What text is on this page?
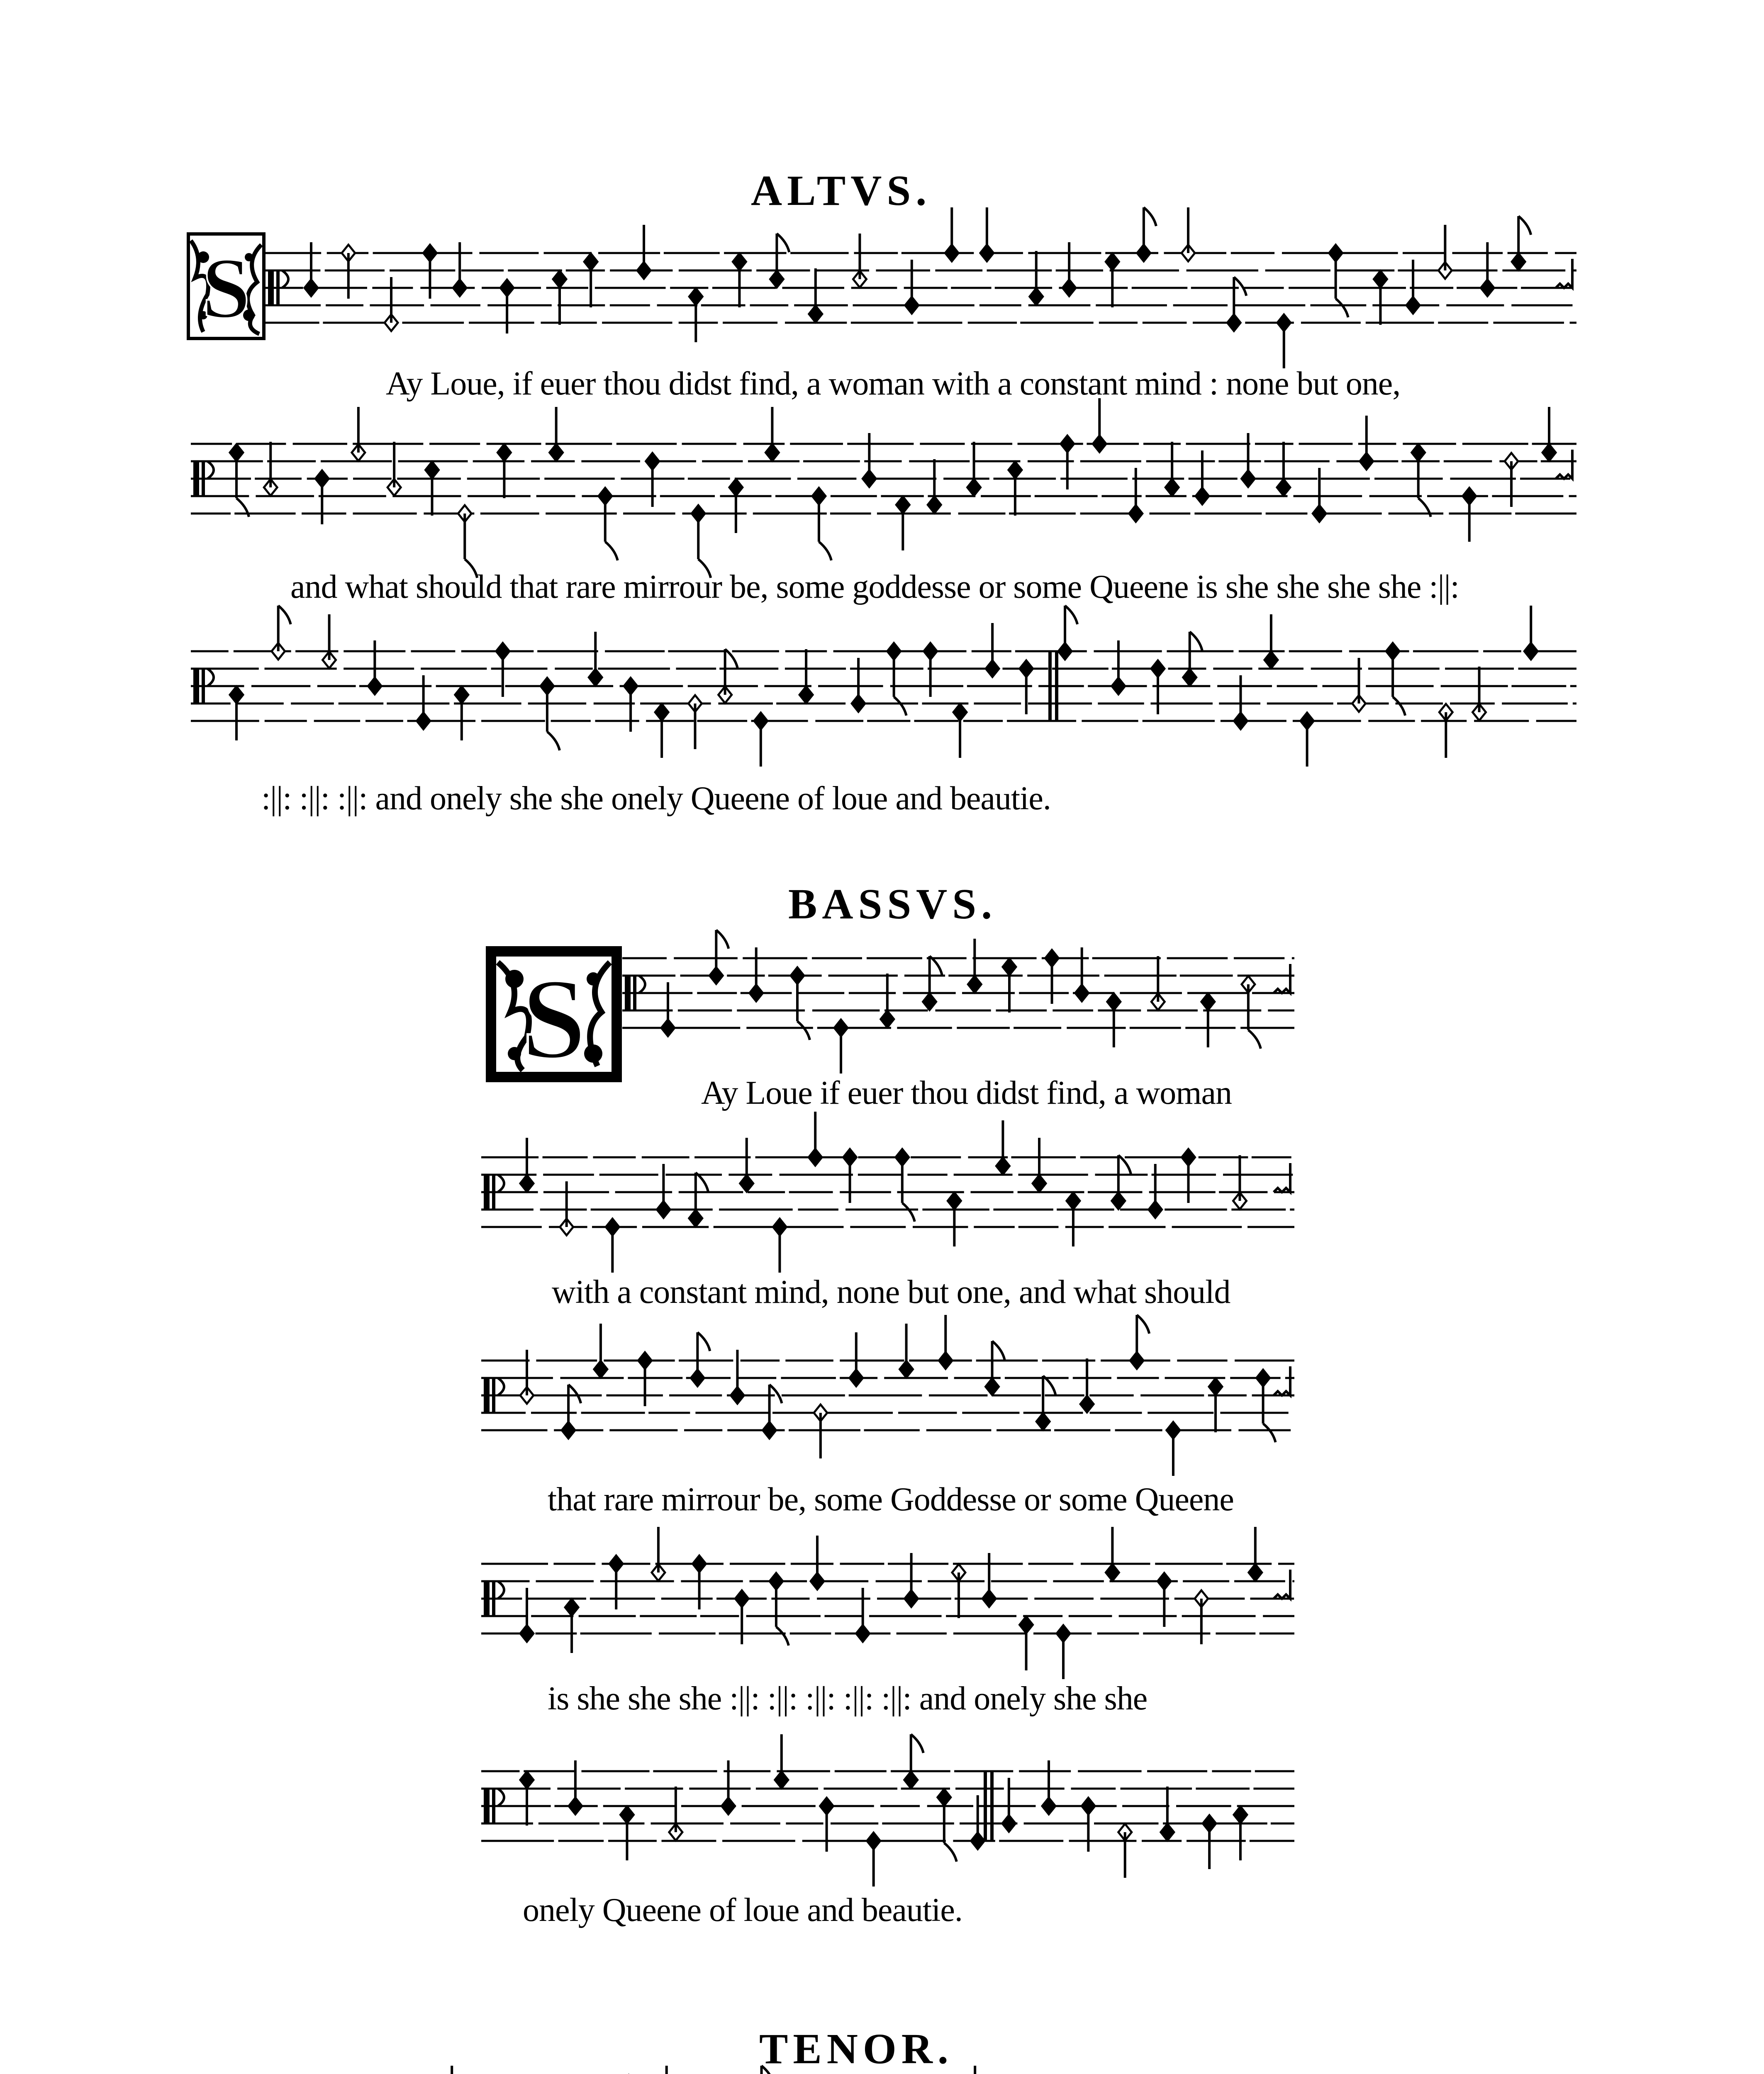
ALTVS.
S
Ay Loue, if euer thou didst find, a woman with a constant mind : none but one,
and what should that rare mirrour be, some goddesse or some Queene is she she she she :||:
:||: :||: :||: and onely she she onely Queene of loue and beautie.
BASSVS.
S
Ay Loue if euer thou didst find, a woman
with a constant mind, none but one, and what should
that rare mirrour be, some Goddesse or some Queene
is she she she :||: :||: :||: :||: :||: and onely she she
onely Queene of loue and beautie.
TENOR.
